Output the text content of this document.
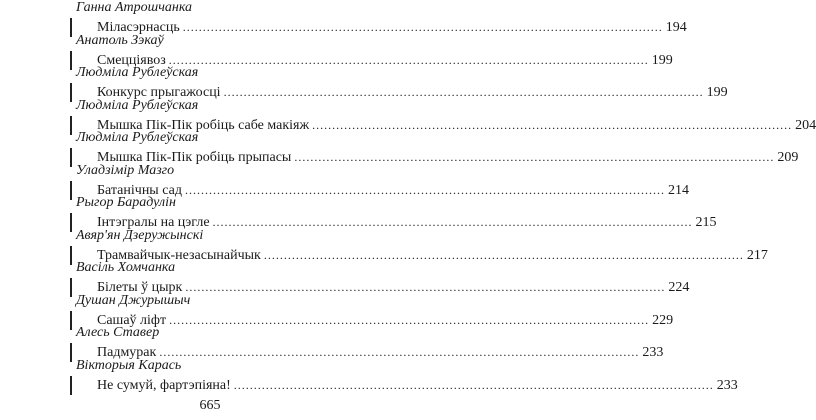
Ганна Атрошчанка
Міласэрнасць ........................................................................................................................ 194
Анатоль Зэкаў
Смецціявоз ........................................................................................................................ 199
Людміла Рублеўская
Конкурс прыгажосці ........................................................................................................................ 199
Людміла Рублеўская
Мышка Пік-Пік робіць сабе макіяж ........................................................................................................................ 204
Людміла Рублеўская
Мышка Пік-Пік робіць прыпасы ........................................................................................................................ 209
Уладзімір Мазго
Батанічны сад ........................................................................................................................ 214
Рыгор Барадулін
Інтэгралы на цэгле ........................................................................................................................ 215
Авяр'ян Дзеружынскі
Трамвайчык-незасынайчык ........................................................................................................................ 217
Васіль Хомчанка
Білеты ў цырк ........................................................................................................................ 224
Душан Джурышыч
Сашаў ліфт ........................................................................................................................ 229
Алесь Ставер
Падмурак ........................................................................................................................ 233
Вікторыя Карась
Не сумуй, фартэпіяна! ........................................................................................................................ 233
665
